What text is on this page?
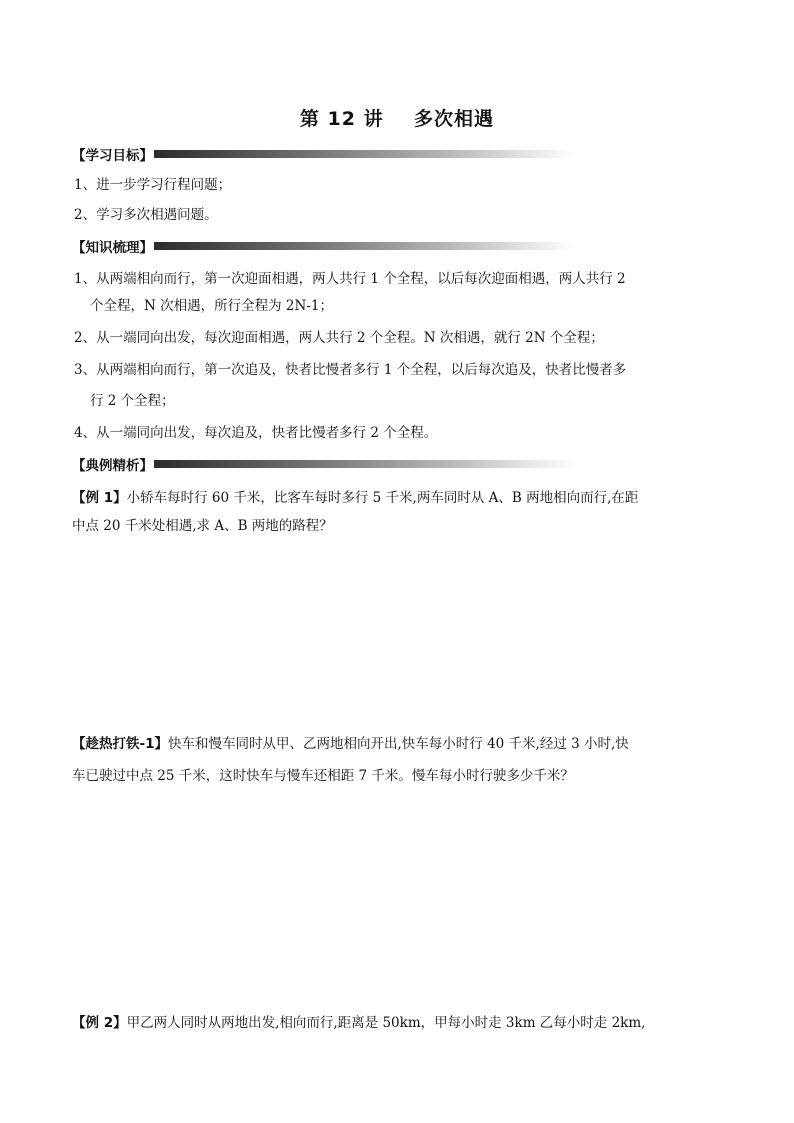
第 12 讲    多次相遇
【学习目标】
1、进一步学习行程问题；
2、学习多次相遇问题。
【知识梳理】
1、从两端相向而行，第一次迎面相遇，两人共行 1 个全程，以后每次迎面相遇，两人共行 2
个全程，N 次相遇，所行全程为 2N-1；
2、从一端同向出发，每次迎面相遇，两人共行 2 个全程。N 次相遇，就行 2N 个全程；
3、从两端相向而行，第一次追及，快者比慢者多行 1 个全程，以后每次追及，快者比慢者多
行 2 个全程；
4、从一端同向出发，每次追及，快者比慢者多行 2 个全程。
【典例精析】
【例 1】小轿车每时行 60 千米，比客车每时多行 5 千米,两车同时从 A、B 两地相向而行,在距
中点 20 千米处相遇,求 A、B 两地的路程？
【趁热打铁-1】快车和慢车同时从甲、乙两地相向开出,快车每小时行 40 千米,经过 3 小时,快
车已驶过中点 25 千米，这时快车与慢车还相距 7 千米。慢车每小时行驶多少千米？
【例 2】甲乙两人同时从两地出发,相向而行,距离是 50km，甲每小时走 3km 乙每小时走 2km,
